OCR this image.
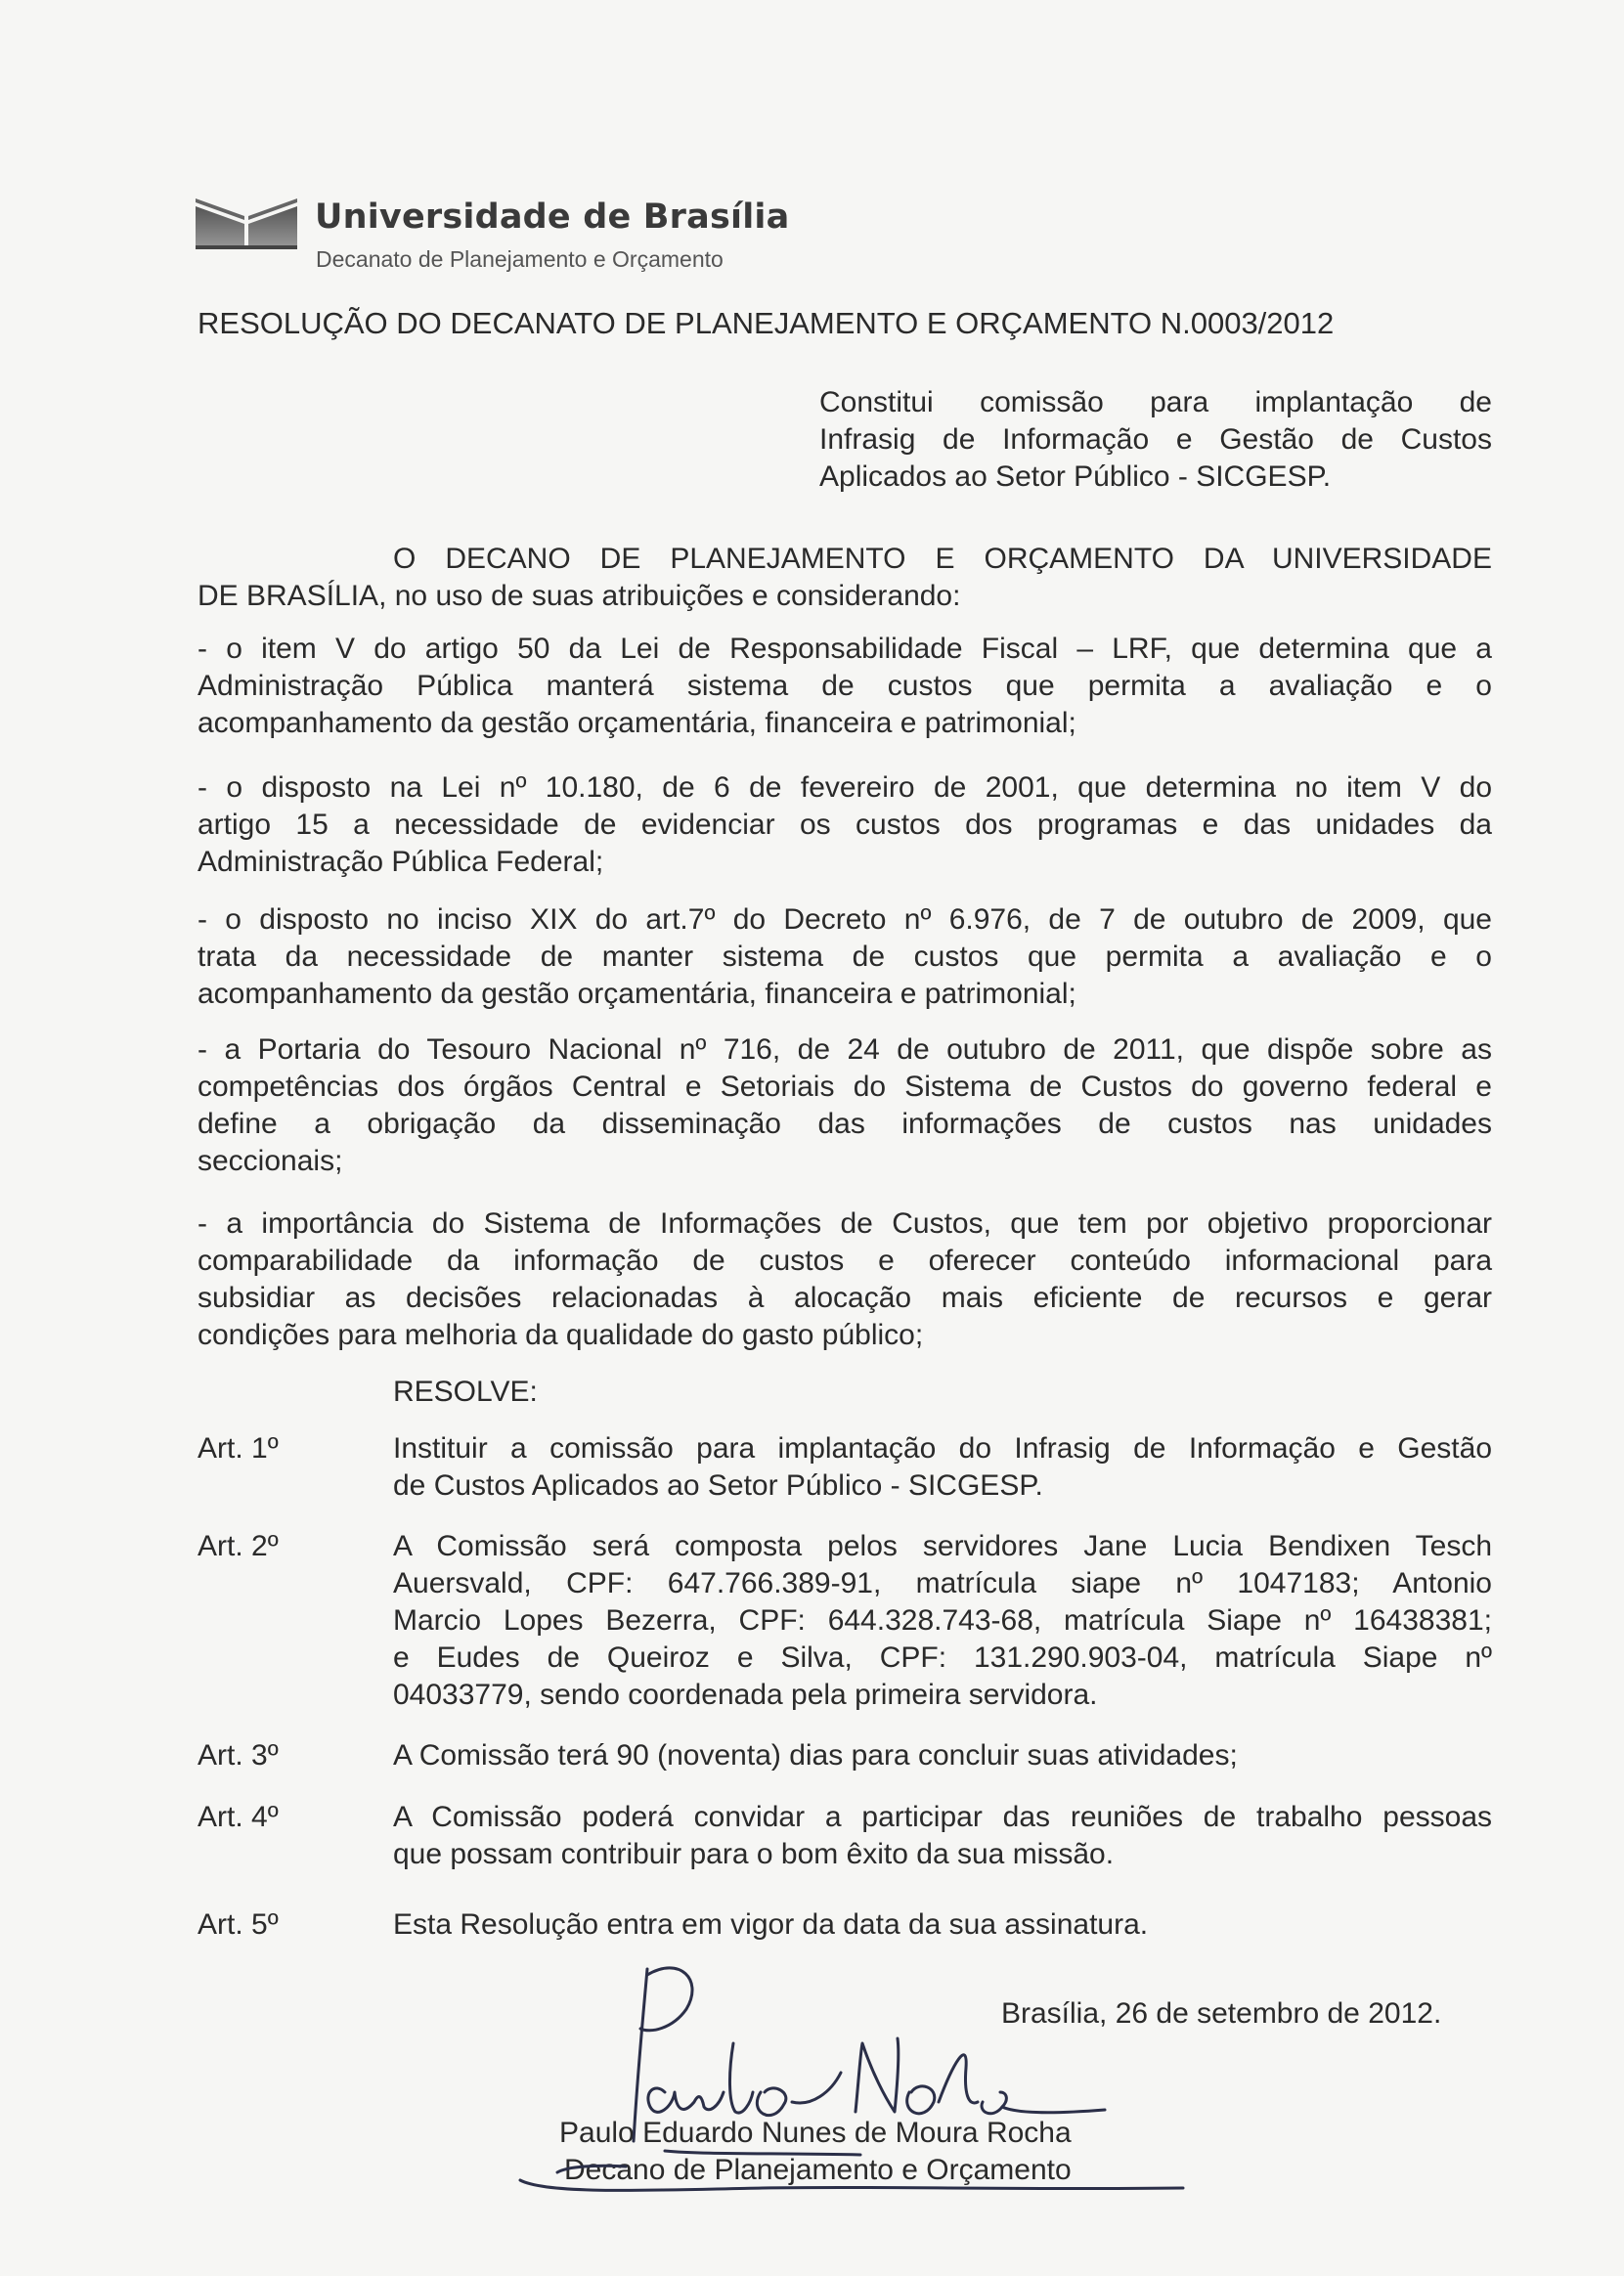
Universidade de Brasília
Decanato de Planejamento e Orçamento
RESOLUÇÃO DO DECANATO DE PLANEJAMENTO E ORÇAMENTO N.0003/2012
Constitui comissão para implantação de
Infrasig de Informação e Gestão de Custos
Aplicados ao Setor Público - SICGESP.
O DECANO DE PLANEJAMENTO E ORÇAMENTO DA UNIVERSIDADE
DE BRASÍLIA, no uso de suas atribuições e considerando:
- o item V do artigo 50 da Lei de Responsabilidade Fiscal – LRF, que determina que a
Administração Pública manterá sistema de custos que permita a avaliação e o
acompanhamento da gestão orçamentária, financeira e patrimonial;
- o disposto na Lei nº 10.180, de 6 de fevereiro de 2001, que determina no item V do
artigo 15 a necessidade de evidenciar os custos dos programas e das unidades da
Administração Pública Federal;
- o disposto no inciso XIX do art.7º do Decreto nº 6.976, de 7 de outubro de 2009, que
trata da necessidade de manter sistema de custos que permita a avaliação e o
acompanhamento da gestão orçamentária, financeira e patrimonial;
- a Portaria do Tesouro Nacional nº 716, de 24 de outubro de 2011, que dispõe sobre as
competências dos órgãos Central e Setoriais do Sistema de Custos do governo federal e
define a obrigação da disseminação das informações de custos nas unidades
seccionais;
- a importância do Sistema de Informações de Custos, que tem por objetivo proporcionar
comparabilidade da informação de custos e oferecer conteúdo informacional para
subsidiar as decisões relacionadas à alocação mais eficiente de recursos e gerar
condições para melhoria da qualidade do gasto público;
RESOLVE:
Art. 1º	Instituir a comissão para implantação do Infrasig de Informação e Gestão
de Custos Aplicados ao Setor Público - SICGESP.
Art. 2º	A Comissão será composta pelos servidores Jane Lucia Bendixen Tesch
Auersvald, CPF: 647.766.389-91, matrícula siape nº 1047183; Antonio
Marcio Lopes Bezerra, CPF: 644.328.743-68, matrícula Siape nº 16438381;
e Eudes de Queiroz e Silva, CPF: 131.290.903-04, matrícula Siape nº
04033779, sendo coordenada pela primeira servidora.
Art. 3º	A Comissão terá 90 (noventa) dias para concluir suas atividades;
Art. 4º	A Comissão poderá convidar a participar das reuniões de trabalho pessoas
que possam contribuir para o bom êxito da sua missão.
Art. 5º	Esta Resolução entra em vigor da data da sua assinatura.
Brasília, 26 de setembro de 2012.
Paulo Eduardo Nunes de Moura Rocha
Decano de Planejamento e Orçamento
